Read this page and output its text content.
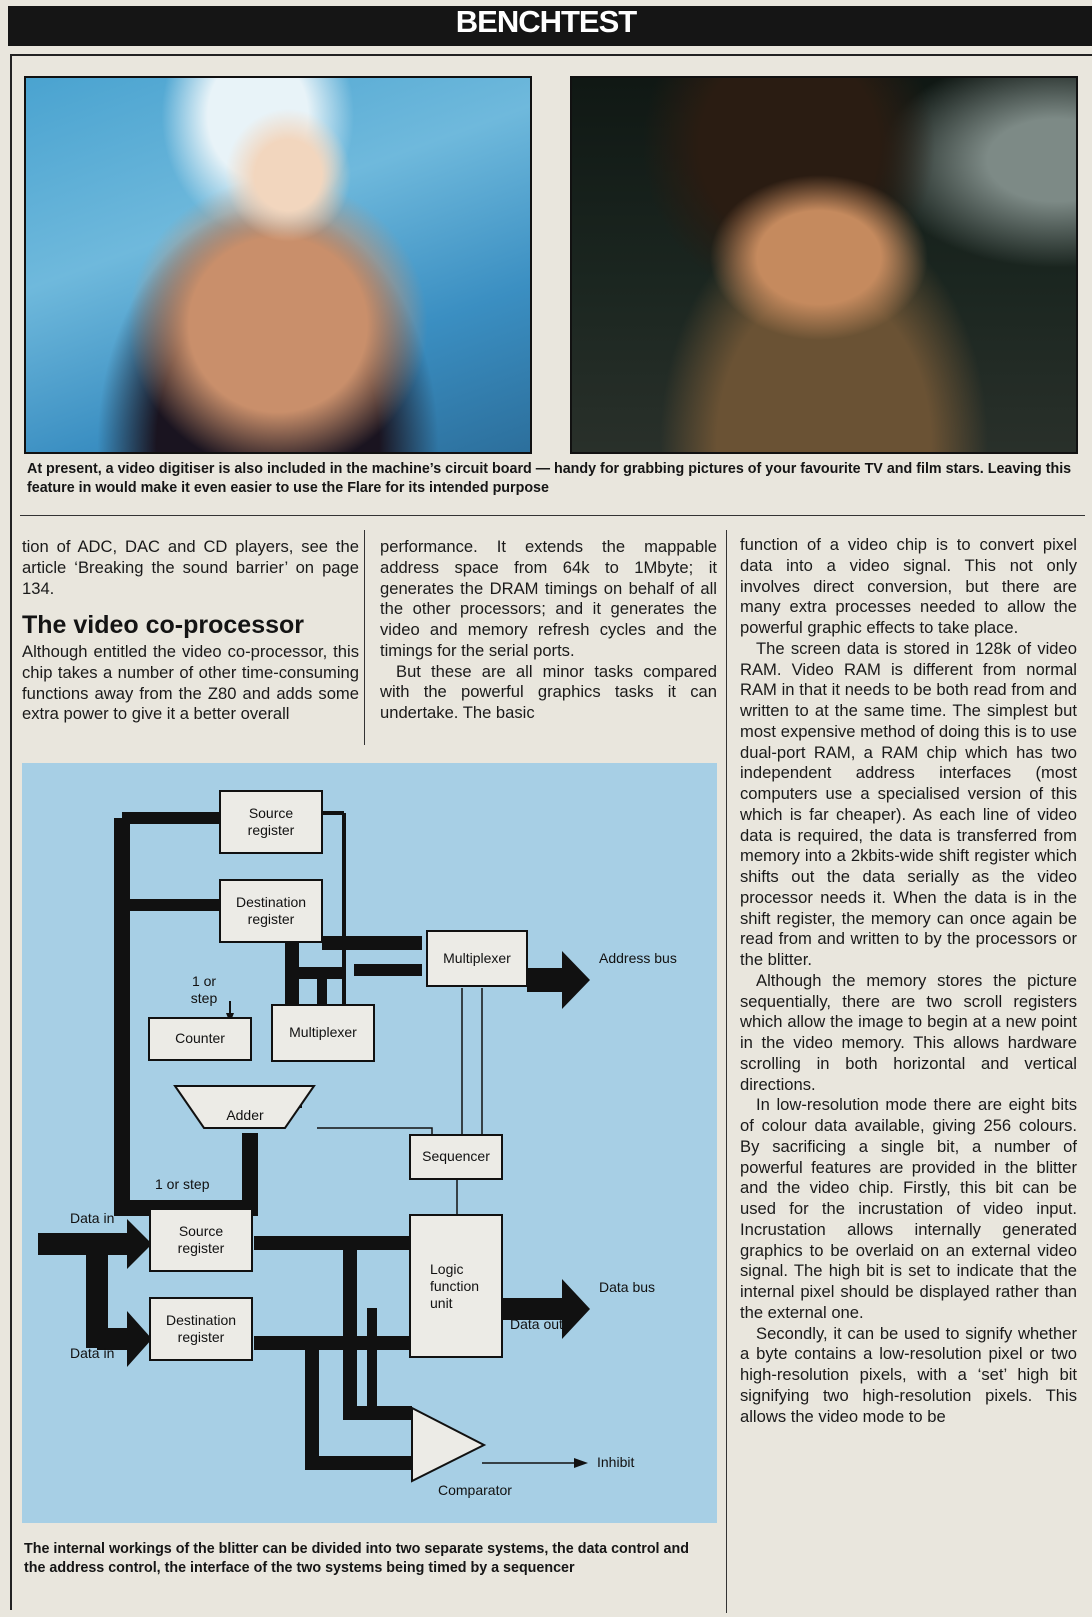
BENCHTEST
At present, a video digitiser is also included in the machine’s circuit board — handy for grabbing pictures of your favourite TV and film stars. Leaving this feature in would make it even easier to use the Flare for its intended purpose

tion of ADC, DAC and CD players, see the article ‘Breaking the sound barrier’ on page 134.

The video co-processor

Although entitled the video co-processor, this chip takes a number of other time-consuming functions away from the Z80 and adds some extra power to give it a better overall

performance. It extends the mappable address space from 64k to 1Mbyte; it generates the DRAM timings on behalf of all the other processors; and it generates the video and memory refresh cycles and the timings for the serial ports.

But these are all minor tasks compared with the powerful graphics tasks it can undertake. The basic

function of a video chip is to convert pixel data into a video signal. This not only involves direct conversion, but there are many extra processes needed to allow the powerful graphic effects to take place.

The screen data is stored in 128k of video RAM. Video RAM is different from normal RAM in that it needs to be both read from and written to at the same time. The simplest but most expensive method of doing this is to use dual-port RAM, a RAM chip which has two independent address interfaces (most computers use a specialised version of this which is far cheaper). As each line of video data is required, the data is transferred from memory into a 2kbits-wide shift register which shifts out the data serially as the video processor needs it. When the data is in the shift register, the memory can once again be read from and written to by the processors or the blitter.

Although the memory stores the picture sequentially, there are two scroll registers which allow the image to begin at a new point in the video memory. This allows hardware scrolling in both horizontal and vertical directions.

In low-resolution mode there are eight bits of colour data available, giving 256 colours. By sacrificing a single bit, a number of powerful features are provided in the blitter and the video chip. Firstly, this bit can be used for the incrustation of video input. Incrustation allows internally generated graphics to be overlaid on an external video signal. The high bit is set to indicate that the internal pixel should be displayed rather than the external one.

Secondly, it can be used to signify whether a byte contains a low-resolution pixel or two high-resolution pixels, with a ‘set’ high bit signifying two high-resolution pixels. This allows the video mode to be

Source
register
Destination
register
Multiplexer	Address bus
1 or
step
Counter	Multiplexer
Adder
Sequencer
1 or step
Data in
Source
register
Logic
function
unit
Data bus
Data out
Destination
register
Data in
Inhibit
Comparator
The internal workings of the blitter can be divided into two separate systems, the data control and the address control, the interface of the two systems being timed by a sequencer
